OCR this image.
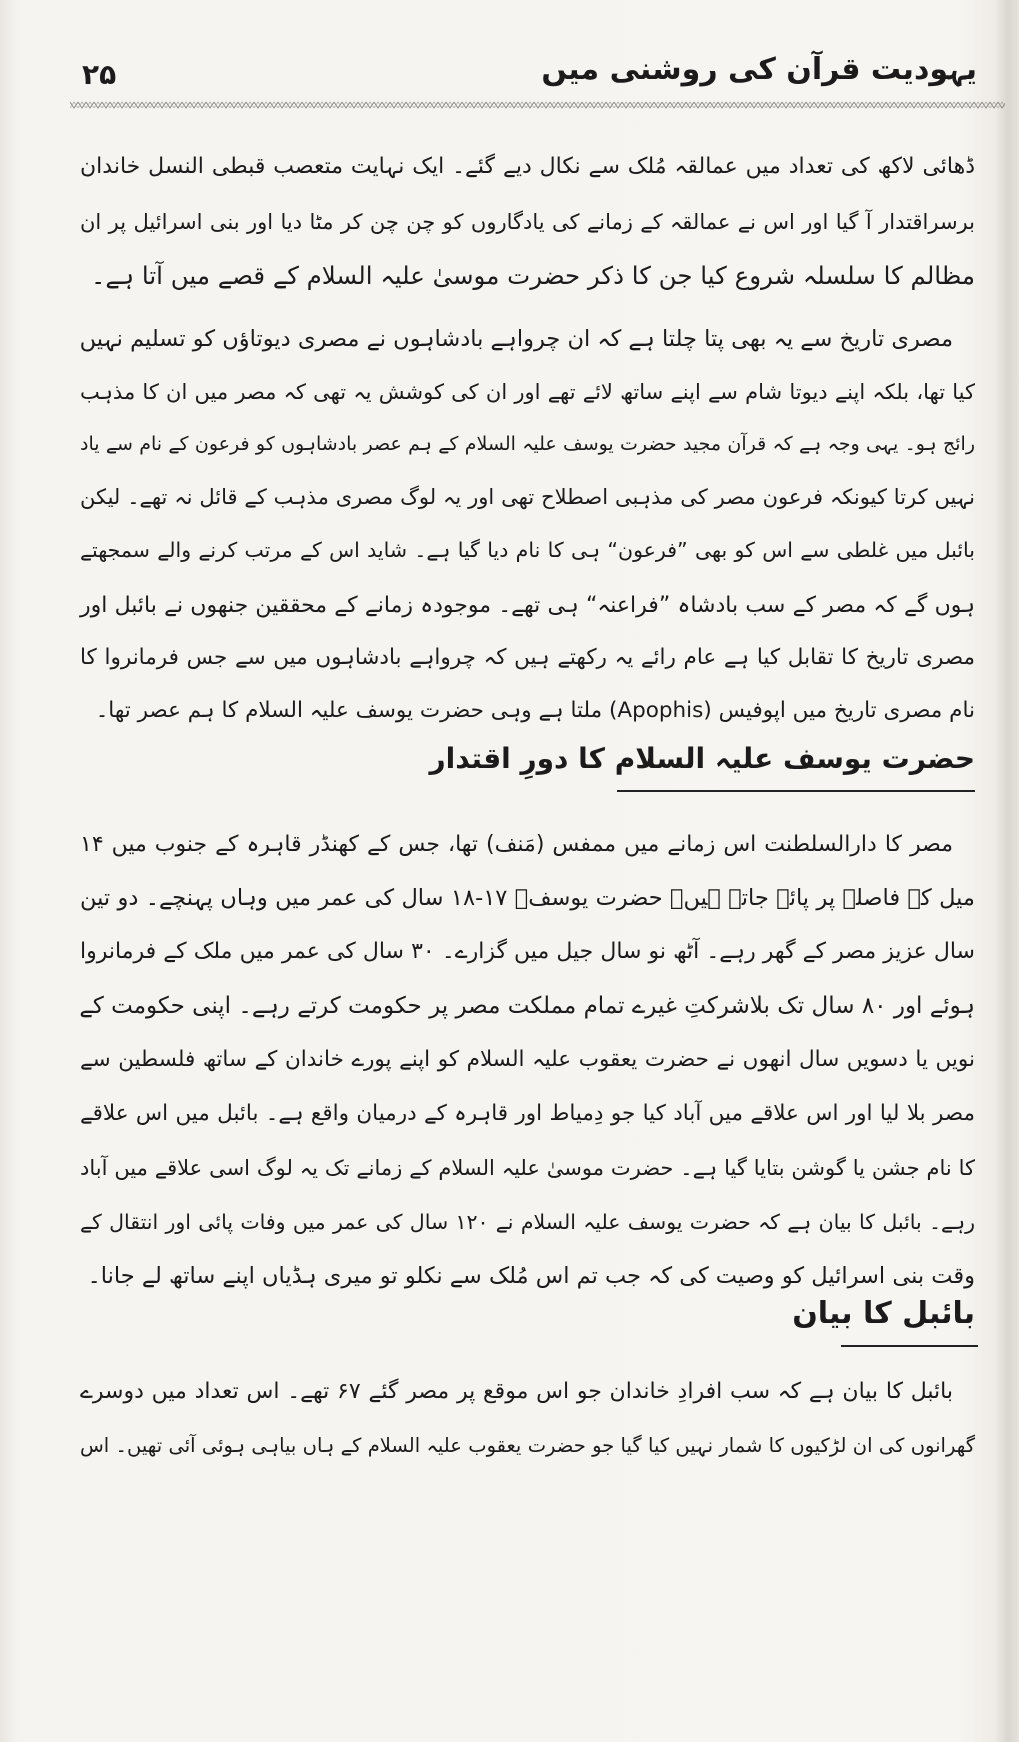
یہودیت قرآن کی روشنی میں
۲۵
ڈھائی لاکھ کی تعداد میں عمالقہ مُلک سے نکال دیے گئے۔ ایک نہایت متعصب قبطی النسل خاندان
برسراقتدار آ گیا اور اس نے عمالقہ کے زمانے کی یادگاروں کو چن چن کر مٹا دیا اور بنی اسرائیل پر ان
مظالم کا سلسلہ شروع کیا جن کا ذکر حضرت موسیٰ علیہ السلام کے قصے میں آتا ہے۔
مصری تاریخ سے یہ بھی پتا چلتا ہے کہ ان چرواہے بادشاہوں نے مصری دیوتاؤں کو تسلیم نہیں
کیا تھا، بلکہ اپنے دیوتا شام سے اپنے ساتھ لائے تھے اور ان کی کوشش یہ تھی کہ مصر میں ان کا مذہب
رائج ہو۔ یہی وجہ ہے کہ قرآن مجید حضرت یوسف علیہ السلام کے ہم عصر بادشاہوں کو فرعون کے نام سے یاد
نہیں کرتا کیونکہ فرعون مصر کی مذہبی اصطلاح تھی اور یہ لوگ مصری مذہب کے قائل نہ تھے۔ لیکن
بائبل میں غلطی سے اس کو بھی ”فرعون“ ہی کا نام دیا گیا ہے۔ شاید اس کے مرتب کرنے والے سمجھتے
ہوں گے کہ مصر کے سب بادشاہ ”فراعنہ“ ہی تھے۔ موجودہ زمانے کے محققین جنھوں نے بائبل اور
مصری تاریخ کا تقابل کیا ہے عام رائے یہ رکھتے ہیں کہ چرواہے بادشاہوں میں سے جس فرمانروا کا
نام مصری تاریخ میں اپوفیس (Apophis) ملتا ہے وہی حضرت یوسف علیہ السلام کا ہم عصر تھا۔
حضرت یوسف علیہ السلام کا دورِ اقتدار
مصر کا دارالسلطنت اس زمانے میں ممفس (مَنف) تھا، جس کے کھنڈر قاہرہ کے جنوب میں ۱۴
میل کے فاصلے پر پائے جاتے ہیں۔ حضرت یوسفؑ ۱۷-۱۸ سال کی عمر میں وہاں پہنچے۔ دو تین
سال عزیز مصر کے گھر رہے۔ آٹھ نو سال جیل میں گزارے۔ ۳۰ سال کی عمر میں ملک کے فرمانروا
ہوئے اور ۸۰ سال تک بلاشرکتِ غیرے تمام مملکت مصر پر حکومت کرتے رہے۔ اپنی حکومت کے
نویں یا دسویں سال انھوں نے حضرت یعقوب علیہ السلام کو اپنے پورے خاندان کے ساتھ فلسطین سے
مصر بلا لیا اور اس علاقے میں آباد کیا جو دِمیاط اور قاہرہ کے درمیان واقع ہے۔ بائبل میں اس علاقے
کا نام جشن یا گوشن بتایا گیا ہے۔ حضرت موسیٰ علیہ السلام کے زمانے تک یہ لوگ اسی علاقے میں آباد
رہے۔ بائبل کا بیان ہے کہ حضرت یوسف علیہ السلام نے ۱۲۰ سال کی عمر میں وفات پائی اور انتقال کے
وقت بنی اسرائیل کو وصیت کی کہ جب تم اس مُلک سے نکلو تو میری ہڈیاں اپنے ساتھ لے جانا۔
بائبل کا بیان
بائبل کا بیان ہے کہ سب افرادِ خاندان جو اس موقع پر مصر گئے ۶۷ تھے۔ اس تعداد میں دوسرے
گھرانوں کی ان لڑکیوں کا شمار نہیں کیا گیا جو حضرت یعقوب علیہ السلام کے ہاں بیاہی ہوئی آئی تھیں۔ اس
